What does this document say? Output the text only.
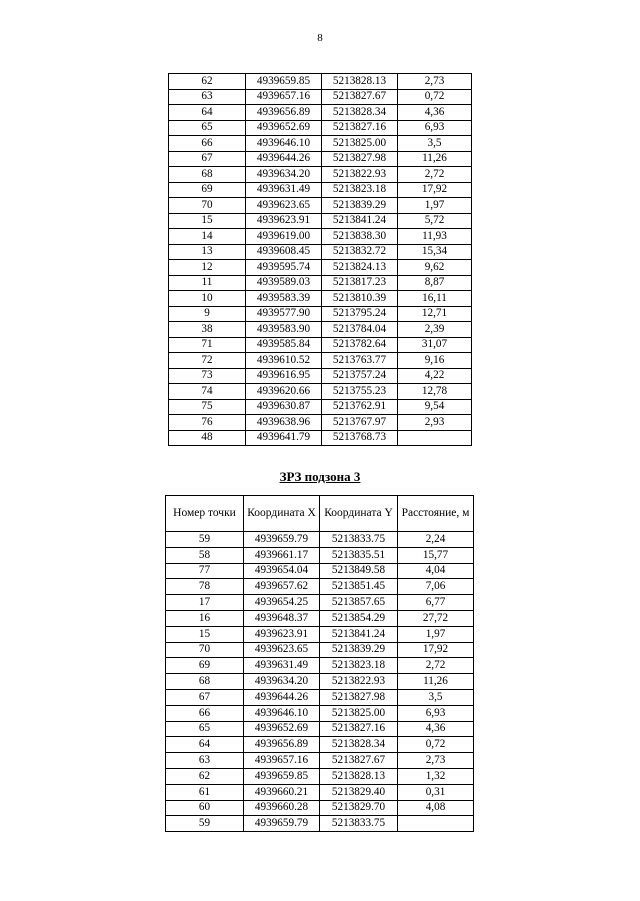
8
62	4939659.85	5213828.13	2,73
63	4939657.16	5213827.67	0,72
64	4939656.89	5213828.34	4,36
65	4939652.69	5213827.16	6,93
66	4939646.10	5213825.00	3,5
67	4939644.26	5213827.98	11,26
68	4939634.20	5213822.93	2,72
69	4939631.49	5213823.18	17,92
70	4939623.65	5213839.29	1,97
15	4939623.91	5213841.24	5,72
14	4939619.00	5213838.30	11,93
13	4939608.45	5213832.72	15,34
12	4939595.74	5213824.13	9,62
11	4939589.03	5213817.23	8,87
10	4939583.39	5213810.39	16,11
9	4939577.90	5213795.24	12,71
38	4939583.90	5213784.04	2,39
71	4939585.84	5213782.64	31,07
72	4939610.52	5213763.77	9,16
73	4939616.95	5213757.24	4,22
74	4939620.66	5213755.23	12,78
75	4939630.87	5213762.91	9,54
76	4939638.96	5213767.97	2,93
48	4939641.79	5213768.73	
ЗРЗ подзона 3
Номер точки	Координата X	Координата Y	Расстояние, м
59	4939659.79	5213833.75	2,24
58	4939661.17	5213835.51	15,77
77	4939654.04	5213849.58	4,04
78	4939657.62	5213851.45	7,06
17	4939654.25	5213857.65	6,77
16	4939648.37	5213854.29	27,72
15	4939623.91	5213841.24	1,97
70	4939623.65	5213839.29	17,92
69	4939631.49	5213823.18	2,72
68	4939634.20	5213822.93	11,26
67	4939644.26	5213827.98	3,5
66	4939646.10	5213825.00	6,93
65	4939652.69	5213827.16	4,36
64	4939656.89	5213828.34	0,72
63	4939657.16	5213827.67	2,73
62	4939659.85	5213828.13	1,32
61	4939660.21	5213829.40	0,31
60	4939660.28	5213829.70	4,08
59	4939659.79	5213833.75	
